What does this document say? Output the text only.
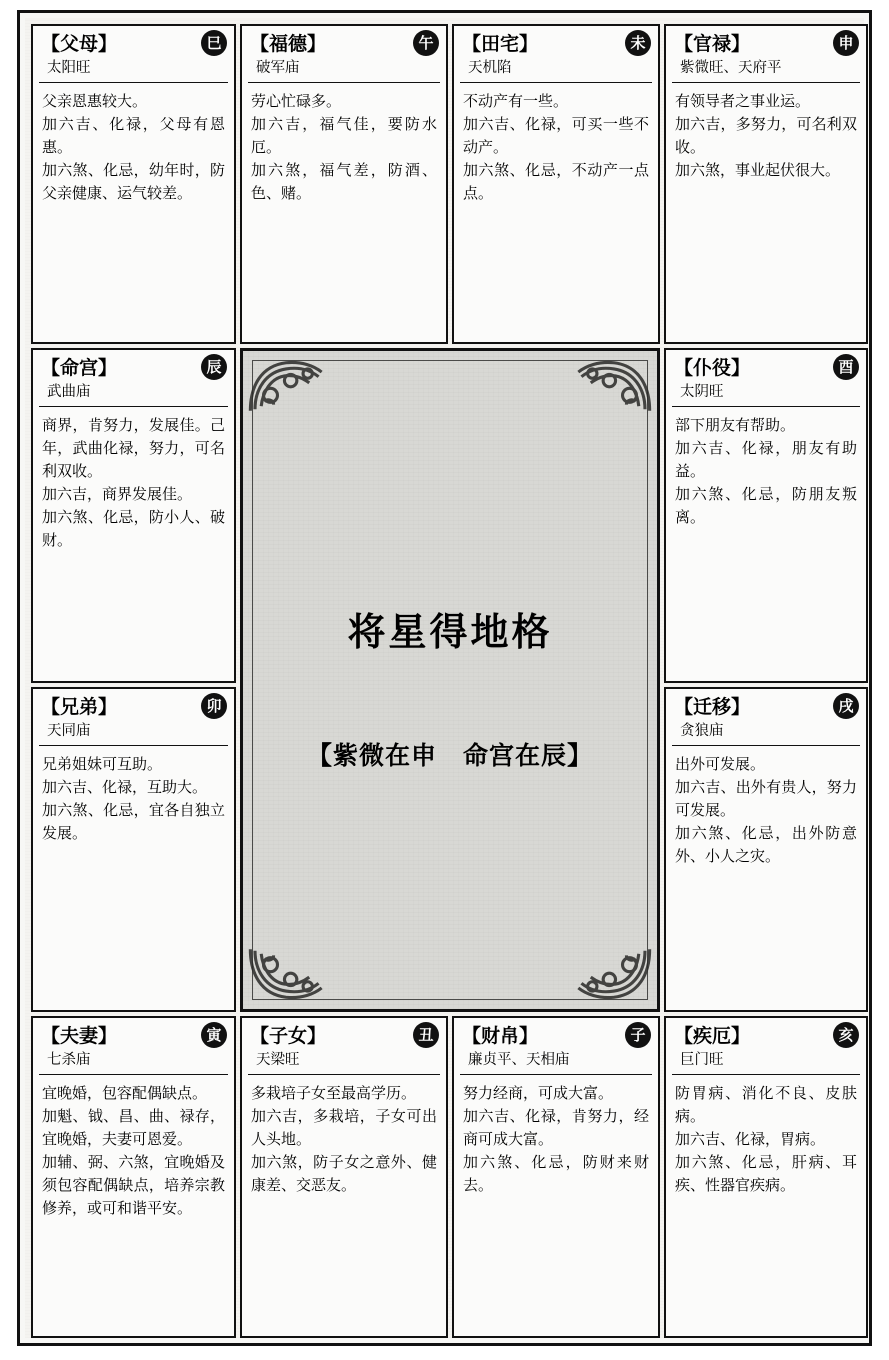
【父母】	巳
太阳旺

父亲恩惠较大。

加六吉、化禄，父母有恩惠。

加六煞、化忌，幼年时，防父亲健康、运气较差。

【福德】	午
破军庙

劳心忙碌多。

加六吉，福气佳，要防水厄。

加六煞，福气差，防酒、色、赌。

【田宅】	未
天机陷

不动产有一些。

加六吉、化禄，可买一些不动产。

加六煞、化忌，不动产一点点。

【官禄】	申
紫微旺、天府平

有领导者之事业运。

加六吉，多努力，可名利双收。

加六煞，事业起伏很大。

【命宫】	辰
武曲庙

商界，肯努力，发展佳。己年，武曲化禄，努力，可名利双收。

加六吉，商界发展佳。

加六煞、化忌，防小人、破财。

【仆役】	酉
太阴旺

部下朋友有帮助。

加六吉、化禄，朋友有助益。

加六煞、化忌，防朋友叛离。

【兄弟】	卯
天同庙

兄弟姐妹可互助。

加六吉、化禄，互助大。

加六煞、化忌，宜各自独立发展。

【迁移】	戌
贪狼庙

出外可发展。

加六吉、出外有贵人，努力可发展。

加六煞、化忌，出外防意外、小人之灾。

将星得地格
【紫微在申　命宫在辰】
【夫妻】	寅
七杀庙

宜晚婚，包容配偶缺点。

加魁、钺、昌、曲、禄存，宜晚婚，夫妻可恩爱。

加辅、弼、六煞，宜晚婚及须包容配偶缺点，培养宗教修养，或可和谐平安。

【子女】	丑
天梁旺

多栽培子女至最高学历。

加六吉，多栽培，子女可出人头地。

加六煞，防子女之意外、健康差、交恶友。

【财帛】	子
廉贞平、天相庙

努力经商，可成大富。

加六吉、化禄，肯努力，经商可成大富。

加六煞、化忌，防财来财去。

【疾厄】	亥
巨门旺

防胃病、消化不良、皮肤病。

加六吉、化禄，胃病。

加六煞、化忌，肝病、耳疾、性器官疾病。
